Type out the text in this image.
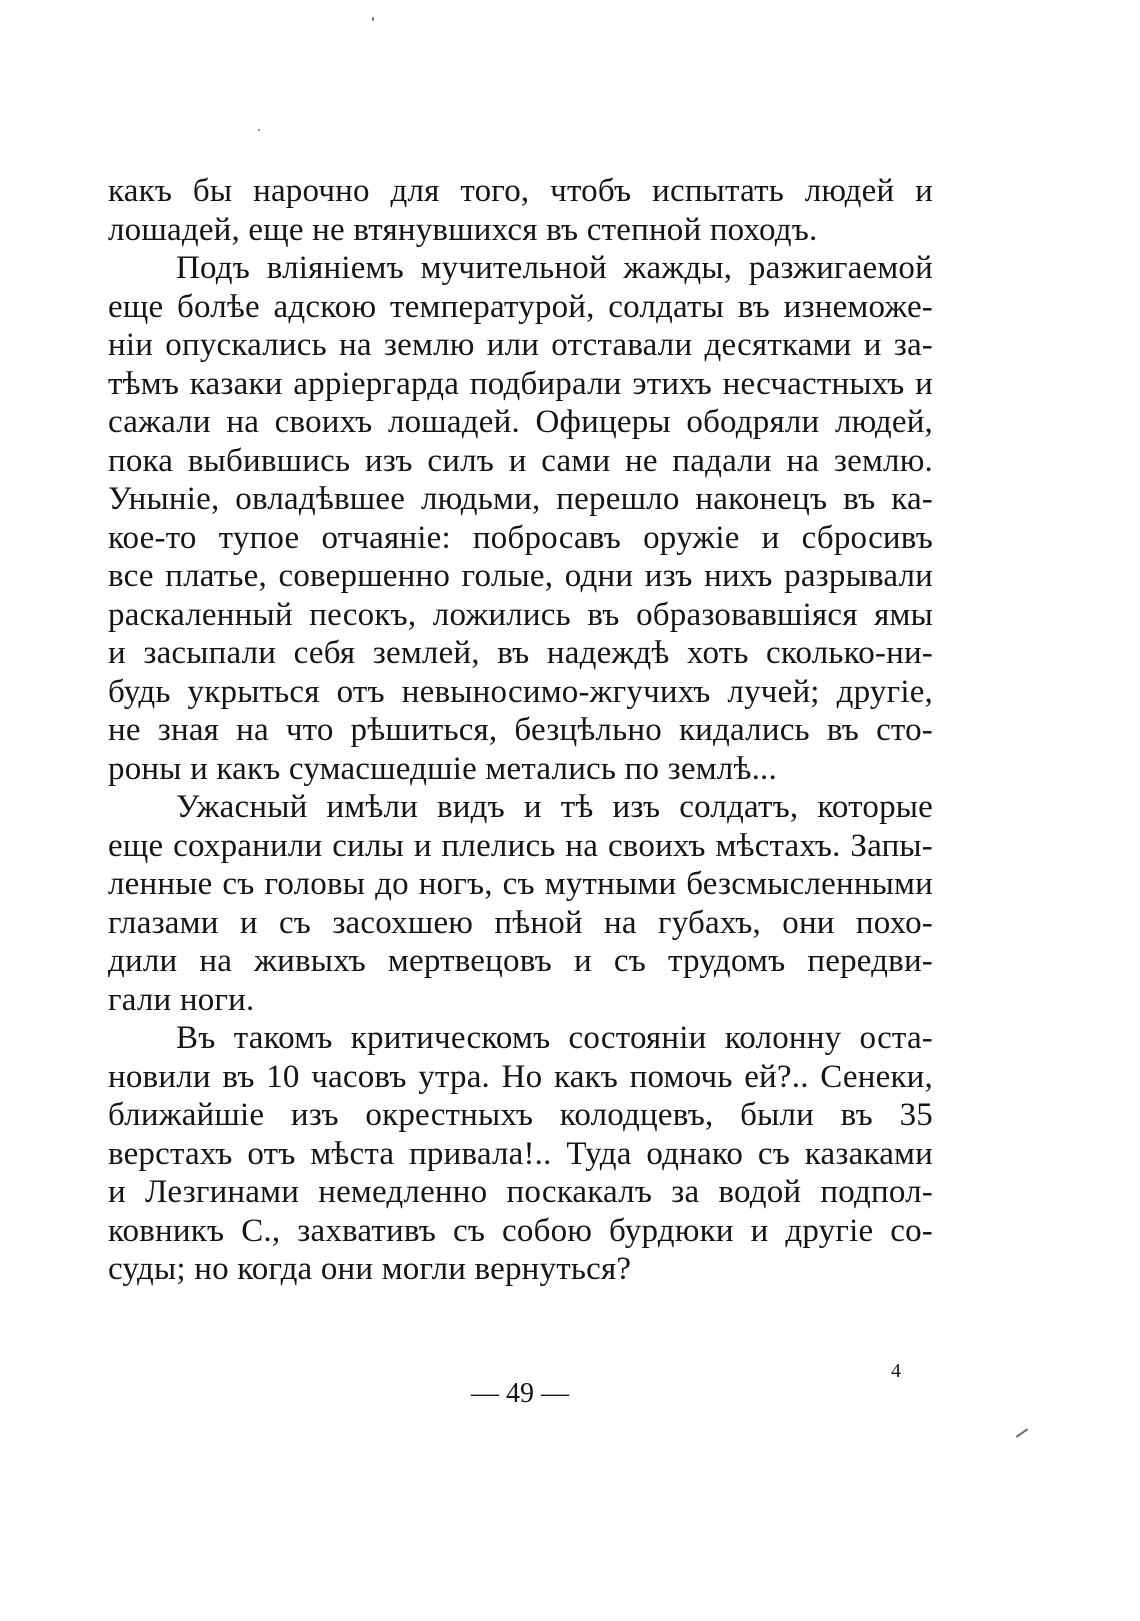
какъ бы нарочно для того, чтобъ испытать людей и
лошадей, еще не втянувшихся въ степной походъ.
Подъ вліяніемъ мучительной жажды, разжигаемой
еще болѣе адскою температурой, солдаты въ изнеможе-
ніи опускались на землю или отставали десятками и за-
тѣмъ казаки арріергарда подбирали этихъ несчастныхъ и
сажали на своихъ лошадей. Офицеры ободряли людей,
пока выбившись изъ силъ и сами не падали на землю.
Уныніе, овладѣвшее людьми, перешло наконецъ въ ка-
кое-то тупое отчаяніе: побросавъ оружіе и сбросивъ
все платье, совершенно голые, одни изъ нихъ разрывали
раскаленный песокъ, ложились въ образовавшіяся ямы
и засыпали себя землей, въ надеждѣ хоть сколько-ни-
будь укрыться отъ невыносимо-жгучихъ лучей; другіе,
не зная на что рѣшиться, безцѣльно кидались въ сто-
роны и какъ сумасшедшіе метались по землѣ...
Ужасный имѣли видъ и тѣ изъ солдатъ, которые
еще сохранили силы и плелись на своихъ мѣстахъ. Запы-
ленные съ головы до ногъ, съ мутными безсмысленными
глазами и съ засохшею пѣной на губахъ, они похо-
дили на живыхъ мертвецовъ и съ трудомъ передви-
гали ноги.
Въ такомъ критическомъ состояніи колонну оста-
новили въ 10 часовъ утра. Но какъ помочь ей?.. Сенеки,
ближайшіе изъ окрестныхъ колодцевъ, были въ 35
верстахъ отъ мѣста привала!.. Туда однако съ казаками
и Лезгинами немедленно поскакалъ за водой подпол-
ковникъ С., захвативъ съ собою бурдюки и другіе со-
суды; но когда они могли вернуться?
— 49 —
4
